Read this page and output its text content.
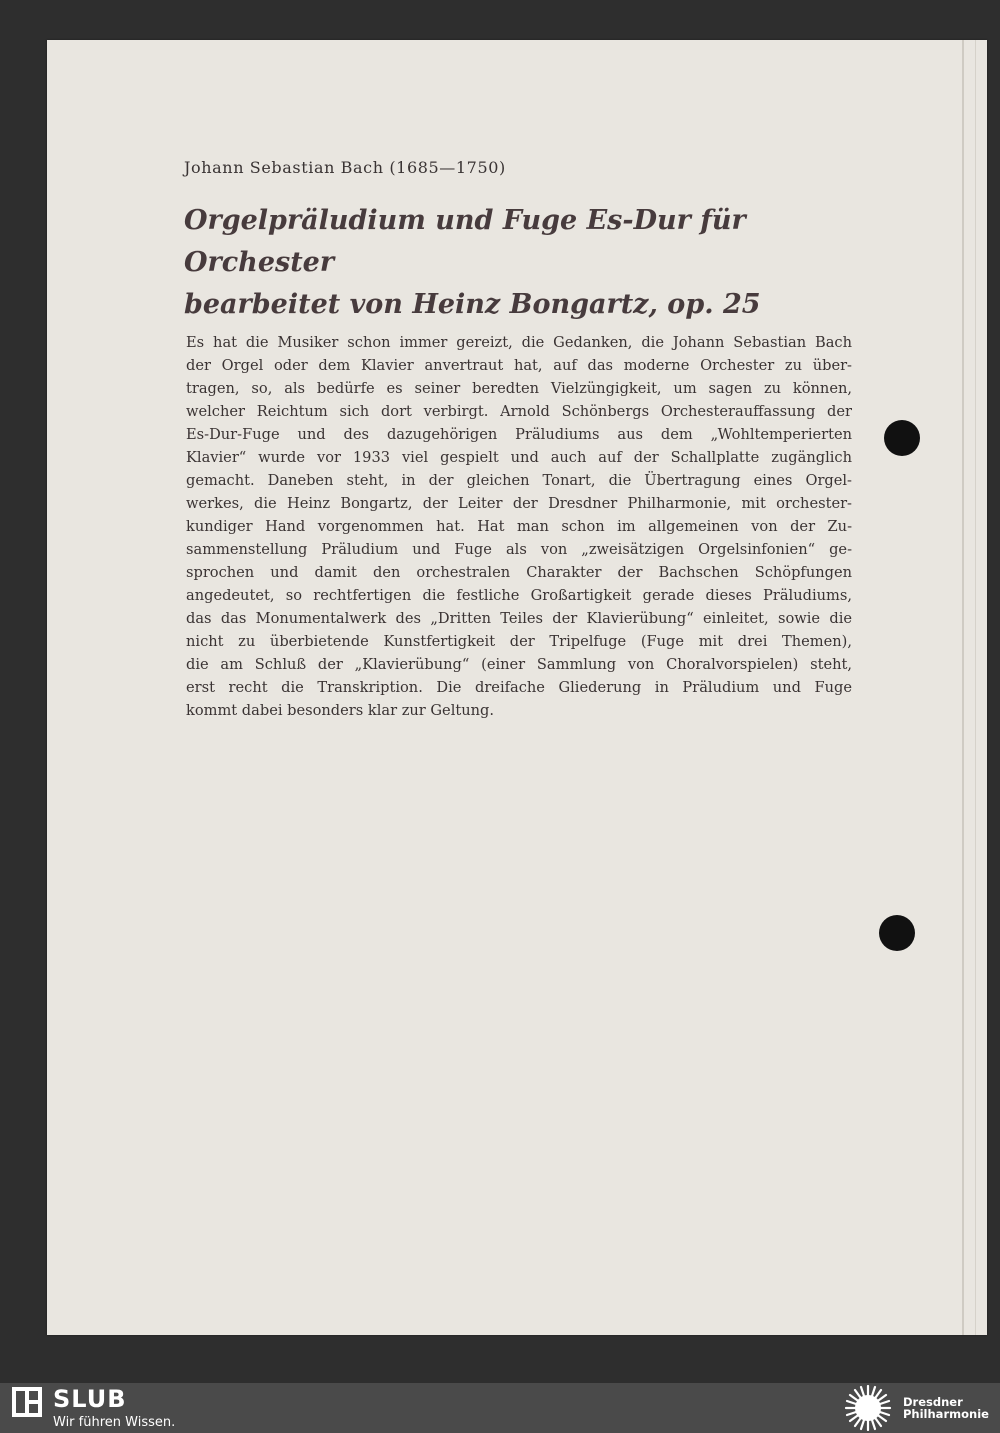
Johann Sebastian Bach (1685—1750)
Orgelpräludium und Fuge Es-Dur für Orchester
bearbeitet von Heinz Bongartz, op. 25

Es hat die Musiker schon immer gereizt, die Gedanken, die Johann Sebastian Bach

der Orgel oder dem Klavier anvertraut hat, auf das moderne Orchester zu über-

tragen, so, als bedürfe es seiner beredten Vielzüngigkeit, um sagen zu können,

welcher Reichtum sich dort verbirgt. Arnold Schönbergs Orchesterauffassung der

Es-Dur-Fuge und des dazugehörigen Präludiums aus dem „Wohltemperierten

Klavier“ wurde vor 1933 viel gespielt und auch auf der Schallplatte zugänglich

gemacht. Daneben steht, in der gleichen Tonart, die Übertragung eines Orgel-

werkes, die Heinz Bongartz, der Leiter der Dresdner Philharmonie, mit orchester-

kundiger Hand vorgenommen hat. Hat man schon im allgemeinen von der Zu-

sammenstellung Präludium und Fuge als von „zweisätzigen Orgelsinfonien“ ge-

sprochen und damit den orchestralen Charakter der Bachschen Schöpfungen

angedeutet, so rechtfertigen die festliche Großartigkeit gerade dieses Präludiums,

das das Monumentalwerk des „Dritten Teiles der Klavierübung“ einleitet, sowie die

nicht zu überbietende Kunstfertigkeit der Tripelfuge (Fuge mit drei Themen),

die am Schluß der „Klavierübung“ (einer Sammlung von Choralvorspielen) steht,

erst recht die Transkription. Die dreifache Gliederung in Präludium und Fuge

kommt dabei besonders klar zur Geltung.

SLUB
Wir führen Wissen.
Dresdner
Philharmonie
